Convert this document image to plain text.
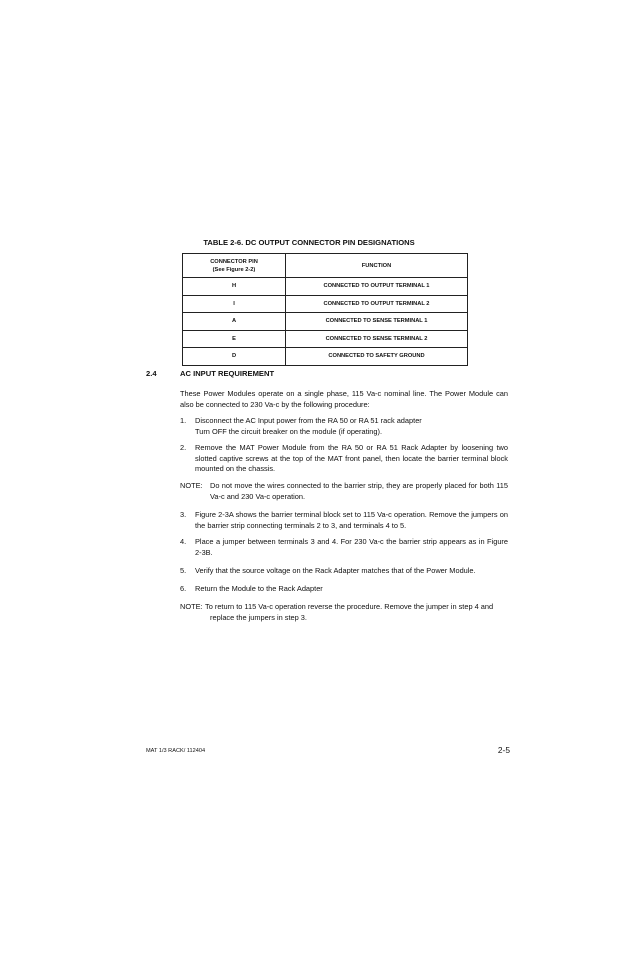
TABLE 2-6. DC OUTPUT CONNECTOR PIN DESIGNATIONS
CONNECTOR PIN
(See Figure 2-2)	FUNCTION
H	CONNECTED TO OUTPUT TERMINAL 1
I	CONNECTED TO OUTPUT TERMINAL 2
A	CONNECTED TO SENSE TERMINAL 1
E	CONNECTED TO SENSE TERMINAL 2
D	CONNECTED TO SAFETY GROUND
2.4	AC INPUT REQUIREMENT
These Power Modules operate on a single phase, 115 Va-c nominal line. The Power Module can also be connected to 230 Va-c by the following procedure:
1. Disconnect the AC Input power from the RA 50 or RA 51 rack adapter
Turn OFF the circuit breaker on the module (if operating).
2. Remove the MAT Power Module from the RA 50 or RA 51 Rack Adapter by loosening two slotted captive screws at the top of the MAT front panel, then locate the barrier terminal block mounted on the chassis.
NOTE: Do not move the wires connected to the barrier strip, they are properly placed for both 115 Va-c and 230 Va-c operation.
3. Figure 2-3A shows the barrier terminal block set to 115 Va-c operation. Remove the jumpers on the barrier strip connecting terminals 2 to 3, and terminals 4 to 5.
4. Place a jumper between terminals 3 and 4. For 230 Va-c the barrier strip appears as in Figure 2-3B.
5. Verify that the source voltage on the Rack Adapter matches that of the Power Module.
6. Return the Module to the Rack Adapter
NOTE: To return to 115 Va-c operation reverse the procedure. Remove the jumper in step 4 and
replace the jumpers in step 3.
MAT 1/3 RACK/ 112404	2-5
